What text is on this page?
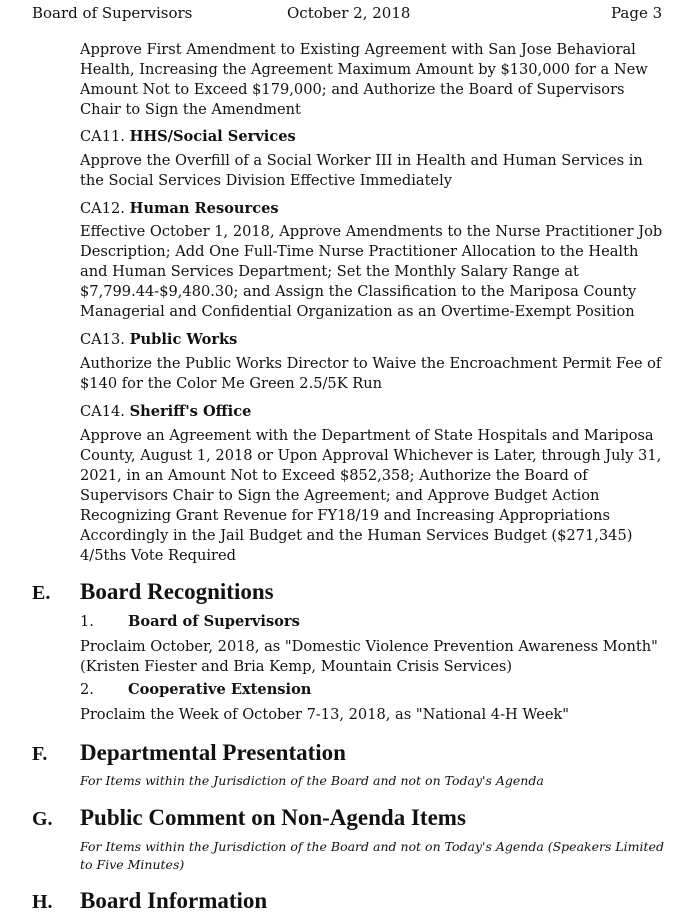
Board of Supervisors	October 2, 2018	Page 3

Approve First Amendment to Existing Agreement with San Jose Behavioral Health, Increasing the Agreement Maximum Amount by $130,000 for a New Amount Not to Exceed $179,000; and Authorize the Board of Supervisors Chair to Sign the Amendment

CA11. HHS/Social Services

Approve the Overfill of a Social Worker III in Health and Human Services in the Social Services Division Effective Immediately

CA12. Human Resources

Effective October 1, 2018, Approve Amendments to the Nurse Practitioner Job Description; Add One Full-Time Nurse Practitioner Allocation to the Health and Human Services Department; Set the Monthly Salary Range at $7,799.44-$9,480.30; and Assign the Classification to the Mariposa County Managerial and Confidential Organization as an Overtime-Exempt Position

CA13. Public Works

Authorize the Public Works Director to Waive the Encroachment Permit Fee of $140 for the Color Me Green 2.5/5K Run

CA14. Sheriff's Office

Approve an Agreement with the Department of State Hospitals and Mariposa County, August 1, 2018 or Upon Approval Whichever is Later, through July 31, 2021, in an Amount Not to Exceed $852,358; Authorize the Board of Supervisors Chair to Sign the Agreement; and Approve Budget Action Recognizing Grant Revenue for FY18/19 and Increasing Appropriations Accordingly in the Jail Budget and the Human Services Budget ($271,345) 4/5ths Vote Required

E. Board Recognitions
1. Board of Supervisors

Proclaim October, 2018, as "Domestic Violence Prevention Awareness Month" (Kristen Fiester and Bria Kemp, Mountain Crisis Services)

2. Cooperative Extension

Proclaim the Week of October 7-13, 2018, as "National 4-H Week"

F. Departmental Presentation

For Items within the Jurisdiction of the Board and not on Today's Agenda

G. Public Comment on Non-Agenda Items

For Items within the Jurisdiction of the Board and not on Today's Agenda (Speakers Limited to Five Minutes)

H. Board Information
